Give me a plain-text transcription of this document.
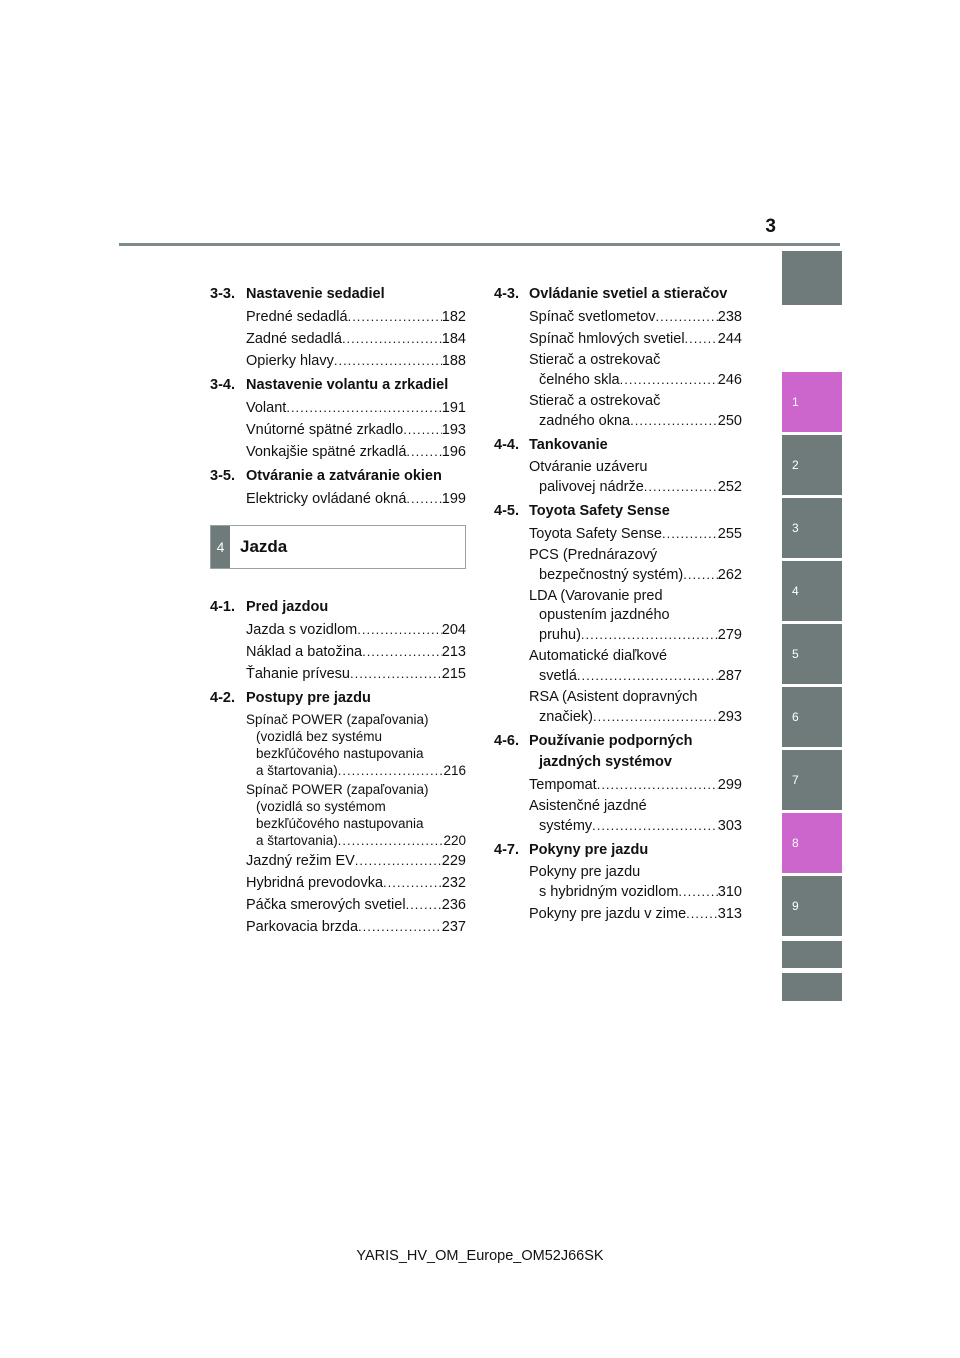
3
3-3. Nastavenie sedadiel
Predné sedadlá .....	182
Zadné sedadlá .....	184
Opierky hlavy .....	188
3-4. Nastavenie volantu a zrkadiel
Volant .....	191
Vnútorné spätné zrkadlo .....	193
Vonkajšie spätné zrkadlá ..... 196
3-5. Otváranie a zatváranie okien
Elektricky ovládané okná ..... 199
4 Jazda
4-1. Pred jazdou
Jazda s vozidlom .....	204
Náklad a batožina .....	213
Ťahanie prívesu .....	215
4-2. Postupy pre jazdu
Spínač POWER (zapaľovania)
(vozidlá bez systému
bezkľúčového nastupovania
a štartovania) .....	216
Spínač POWER (zapaľovania)
(vozidlá so systémom
bezkľúčového nastupovania
a štartovania) .....	220
Jazdný režim EV .....	229
Hybridná prevodovka .....	232
Páčka smerových svetiel ..... 236
Parkovacia brzda .....	237
4-3. Ovládanie svetiel a stieračov
Spínač svetlometov .....	238
Spínač hmlových svetiel ..... 244
Stierač a ostrekovač
čelného skla .....	246
Stierač a ostrekovač
zadného okna .....	250
4-4. Tankovanie
Otváranie uzáveru
palivovej nádrže .....	252
4-5. Toyota Safety Sense
Toyota Safety Sense .....	255
PCS (Prednárazový
bezpečnostný systém) ..... 262
LDA (Varovanie pred
opustením jazdného
pruhu) .....	279
Automatické diaľkové
svetlá .....	287
RSA (Asistent dopravných
značiek) .....	293
4-6. Používanie podporných
jazdných systémov
Tempomat .....	299
Asistenčné jazdné
systémy .....	303
4-7. Pokyny pre jazdu
Pokyny pre jazdu
s hybridným vozidlom .....	310
Pokyny pre jazdu v zime ..... 313
1
2
3
4
5
6
7
8
9
YARIS_HV_OM_Europe_OM52J66SK
